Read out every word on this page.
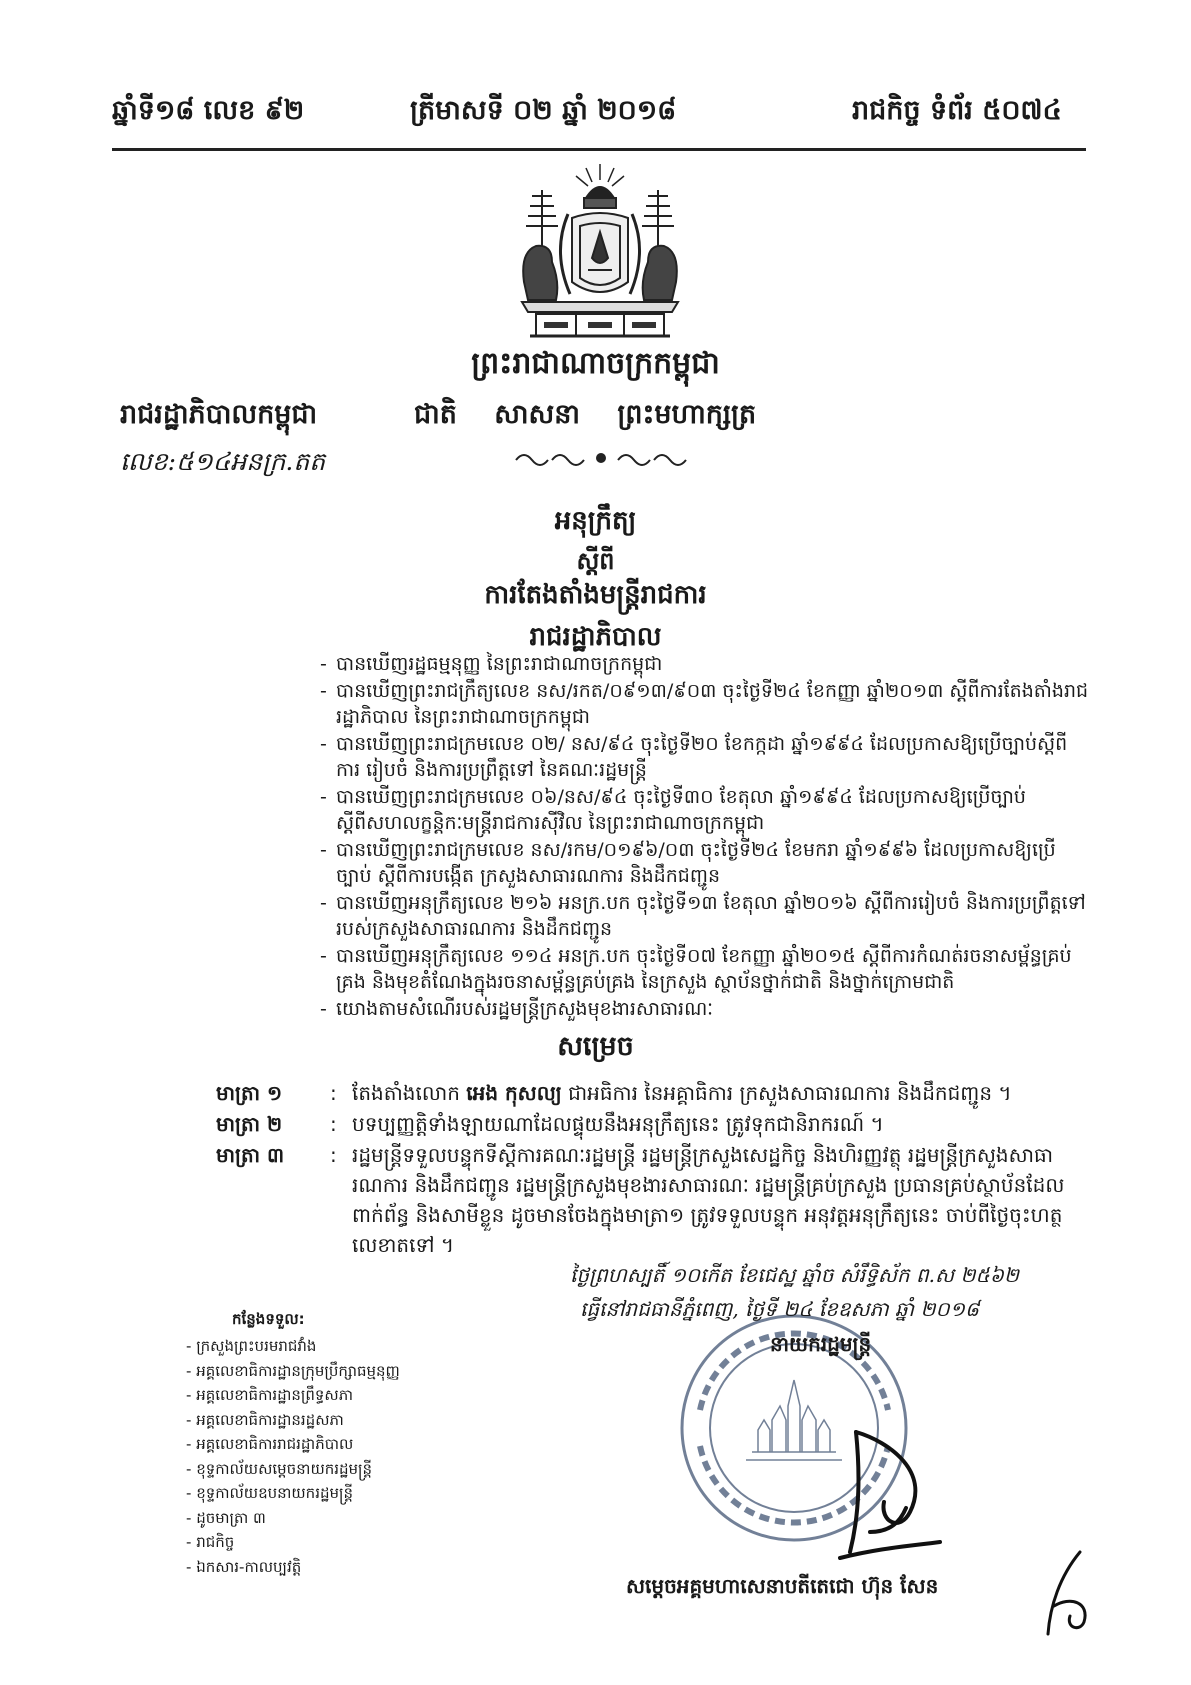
ឆ្នាំទី១៨ លេខ ៩២	ត្រីមាសទី ០២ ឆ្នាំ ២០១៨	រាជកិច្ច ទំព័រ ៥០៧៤
ព្រះរាជាណាចក្រកម្ពុជា
រាជរដ្ឋាភិបាលកម្ពុជា	ជាតិ សាសនា ព្រះមហាក្សត្រ
លេខ:៥១៤អនក្រ.តត
អនុក្រឹត្យ
ស្តីពី
ការតែងតាំងមន្ត្រីរាជការ
រាជរដ្ឋាភិបាល
- បានឃើញរដ្ឋធម្មនុញ្ញ នៃព្រះរាជាណាចក្រកម្ពុជា
- បានឃើញព្រះរាជក្រឹត្យលេខ នស/រកត/០៩១៣/៩០៣ ចុះថ្ងៃទី២៤ ខែកញ្ញា ឆ្នាំ២០១៣ ស្តីពីការតែងតាំងរាជរដ្ឋាភិបាល នៃព្រះរាជាណាចក្រកម្ពុជា
- បានឃើញព្រះរាជក្រមលេខ ០២/ នស/៩៤ ចុះថ្ងៃទី២០ ខែកក្កដា ឆ្នាំ១៩៩៤ ដែលប្រកាសឱ្យប្រើច្បាប់ស្តីពីការ រៀបចំ និងការប្រព្រឹត្តទៅ នៃគណៈរដ្ឋមន្ត្រី
- បានឃើញព្រះរាជក្រមលេខ ០៦/នស/៩៤ ចុះថ្ងៃទី៣០ ខែតុលា ឆ្នាំ១៩៩៤ ដែលប្រកាសឱ្យប្រើច្បាប់ស្តីពីសហលក្ខន្តិកៈមន្ត្រីរាជការស៊ីវិល នៃព្រះរាជាណាចក្រកម្ពុជា
- បានឃើញព្រះរាជក្រមលេខ នស/រកម/០១៩៦/០៣ ចុះថ្ងៃទី២៤ ខែមករា ឆ្នាំ១៩៩៦ ដែលប្រកាសឱ្យប្រើច្បាប់ ស្តីពីការបង្កើត ក្រសួងសាធារណការ និងដឹកជញ្ជូន
- បានឃើញអនុក្រឹត្យលេខ ២១៦ អនក្រ.បក ចុះថ្ងៃទី១៣ ខែតុលា ឆ្នាំ២០១៦ ស្តីពីការរៀបចំ និងការប្រព្រឹត្តទៅ របស់ក្រសួងសាធារណការ និងដឹកជញ្ជូន
- បានឃើញអនុក្រឹត្យលេខ ១១៤ អនក្រ.បក ចុះថ្ងៃទី០៧ ខែកញ្ញា ឆ្នាំ២០១៥ ស្តីពីការកំណត់រចនាសម្ព័ន្ធគ្រប់គ្រង និងមុខតំណែងក្នុងរចនាសម្ព័ន្ធគ្រប់គ្រង នៃក្រសួង ស្ថាប័នថ្នាក់ជាតិ និងថ្នាក់ក្រោមជាតិ
- យោងតាមសំណើរបស់រដ្ឋមន្ត្រីក្រសួងមុខងារសាធារណៈ
សម្រេច
មាត្រា ១	: តែងតាំងលោក អេង កុសល្យ ជាអធិការ នៃអគ្គាធិការ ក្រសួងសាធារណការ និងដឹកជញ្ជូន ។
មាត្រា ២	: បទប្បញ្ញត្តិទាំងឡាយណាដែលផ្ទុយនឹងអនុក្រឹត្យនេះ ត្រូវទុកជានិរាករណ៍ ។
មាត្រា ៣	: រដ្ឋមន្ត្រីទទួលបន្ទុកទីស្តីការគណៈរដ្ឋមន្ត្រី រដ្ឋមន្ត្រីក្រសួងសេដ្ឋកិច្ច និងហិរញ្ញវត្ថុ រដ្ឋមន្ត្រីក្រសួងសាធារណការ និងដឹកជញ្ជូន រដ្ឋមន្ត្រីក្រសួងមុខងារសាធារណៈ រដ្ឋមន្ត្រីគ្រប់ក្រសួង ប្រធានគ្រប់ស្ថាប័នដែលពាក់ព័ន្ធ និងសាមីខ្លួន ដូចមានចែងក្នុងមាត្រា១ ត្រូវទទួលបន្ទុក អនុវត្តអនុក្រឹត្យនេះ ចាប់ពីថ្ងៃចុះហត្ថលេខាតទៅ ។
ថ្ងៃព្រហស្បតិ៍ ១០កើត ខែជេស្ឋ ឆ្នាំច សំរឹទ្ធិស័ក ព.ស ២៥៦២
ធ្វើនៅរាជធានីភ្នំពេញ, ថ្ងៃទី ២៤ ខែឧសភា ឆ្នាំ ២០១៨
នាយករដ្ឋមន្ត្រី
សម្តេចអគ្គមហាសេនាបតីតេជោ ហ៊ុន សែន
កន្លែងទទួល:
- ក្រសួងព្រះបរមរាជវាំង
- អគ្គលេខាធិការដ្ឋានក្រុមប្រឹក្សាធម្មនុញ្ញ
- អគ្គលេខាធិការដ្ឋានព្រឹទ្ធសភា
- អគ្គលេខាធិការដ្ឋានរដ្ឋសភា
- អគ្គលេខាធិការរាជរដ្ឋាភិបាល
- ខុទ្ទកាល័យសម្តេចនាយករដ្ឋមន្ត្រី
- ខុទ្ទកាល័យឧបនាយករដ្ឋមន្ត្រី
- ដូចមាត្រា ៣
- រាជកិច្ច
- ឯកសារ-កាលប្បវត្តិ
